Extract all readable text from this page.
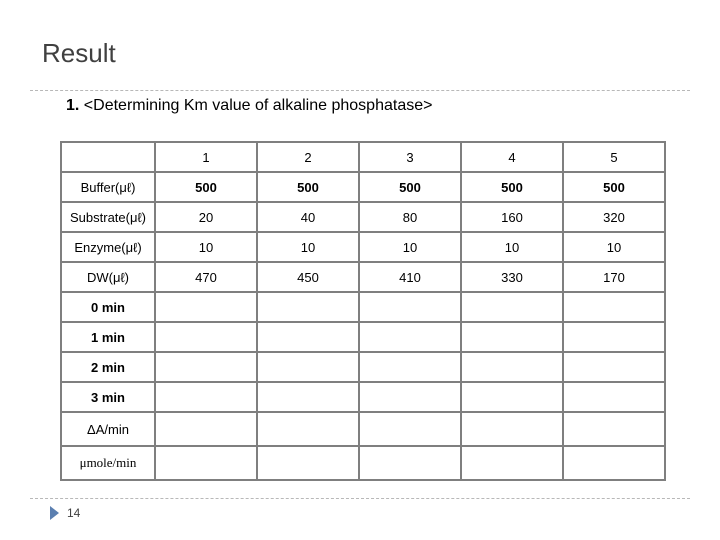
Result
1. <Determining Km value of alkaline phosphatase>
	1	2	3	4	5
Buffer(μℓ)	500	500	500	500	500
Substrate(μℓ)	20	40	80	160	320
Enzyme(μℓ)	10	10	10	10	10
DW(μℓ)	470	450	410	330	170
0 min					
1 min					
2 min					
3 min					
ΔA/min					
μmole/min					
14
